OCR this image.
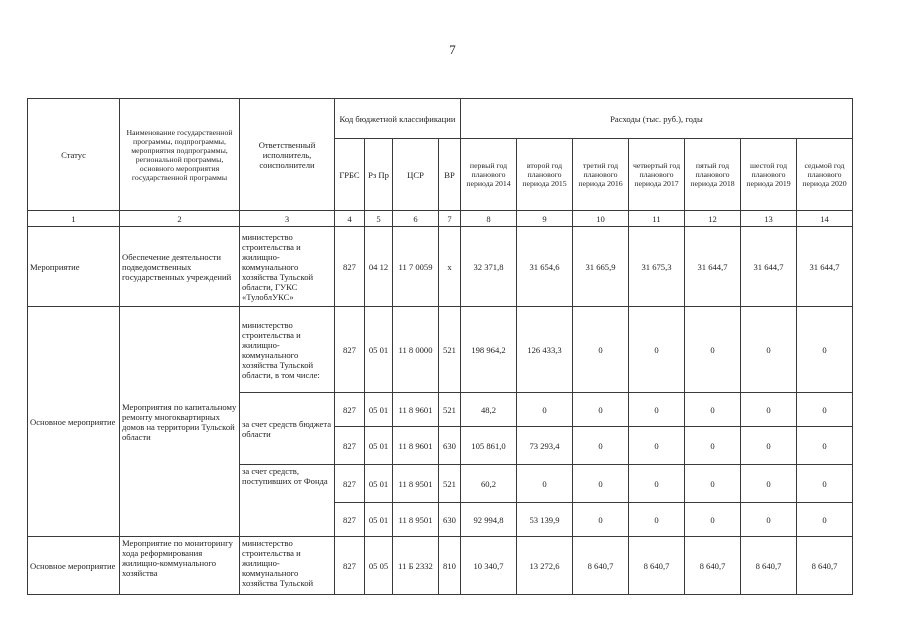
7
Статус	Наименование государственной программы, подпрограммы, мероприятия подпрограммы, региональной программы, основного мероприятия государственной программы	Ответственный исполнитель, соисполнители	Код бюджетной классификации				Расходы (тыс. руб.), годы						
			ГРБС	Рз Пр	ЦСР	ВР	первый год планового периода 2014	второй год планового периода 2015	третий год планового периода 2016	четвертый год планового периода 2017	пятый год планового периода 2018	шестой год планового периода 2019	седьмой год планового периода 2020
1	2	3	4	5	6	7	8	9	10	11	12	13	14
Мероприятие	Обеспечение деятельности подведомственных государственных учреждений	министерство строительства и жилищно-коммунального хозяйства Тульской области, ГУКС «ТулоблУКС»	827	04 12	11 7 0059	х	32 371,8	31 654,6	31 665,9	31 675,3	31 644,7	31 644,7	31 644,7
Основное мероприятие	Мероприятия по капитальному ремонту многоквартирных домов на территории Тульской области	министерство строительства и жилищно-коммунального хозяйства Тульской области, в том числе:	827	05 01	11 8 0000	521	198 964,2	126 433,3	0	0	0	0	0
		за счет средств бюджета области	827	05 01	11 8 9601	521	48,2	0	0	0	0	0	0
			827	05 01	11 8 9601	630	105 861,0	73 293,4	0	0	0	0	0
		за счет средств, поступивших от Фонда	827	05 01	11 8 9501	521	60,2	0	0	0	0	0	0
			827	05 01	11 8 9501	630	92 994,8	53 139,9	0	0	0	0	0
Основное мероприятие	Мероприятие по мониторингу хода реформирования жилищно-коммунального хозяйства	министерство строительства и жилищно-коммунального хозяйства Тульской	827	05 05	11 Б 2332	810	10 340,7	13 272,6	8 640,7	8 640,7	8 640,7	8 640,7	8 640,7
